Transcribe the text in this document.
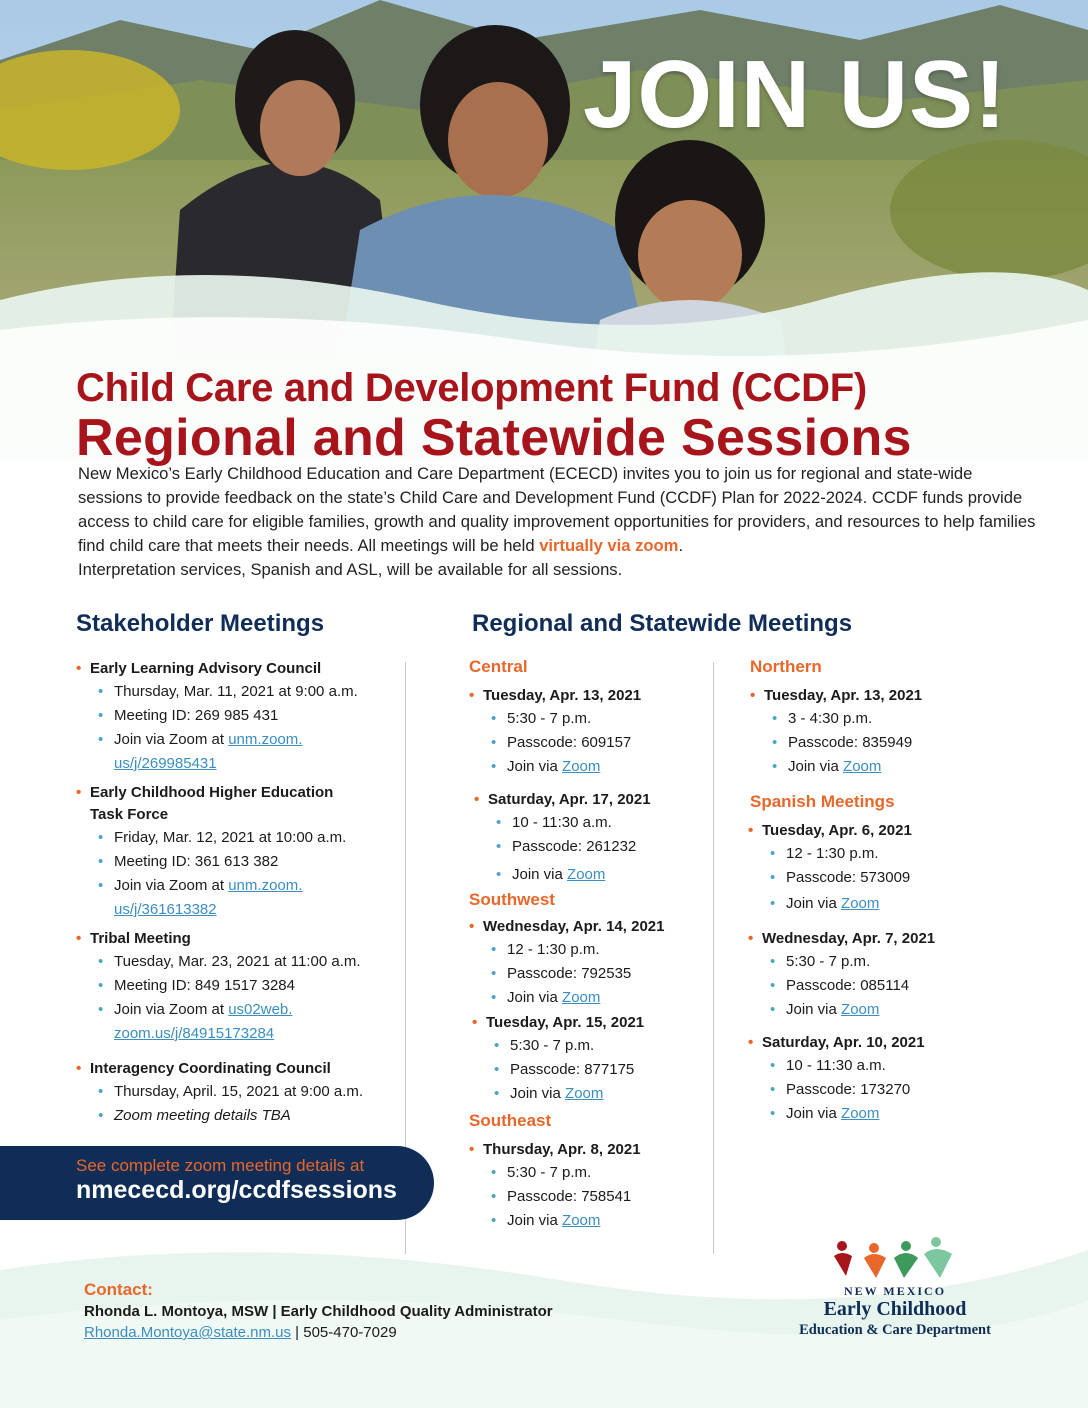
JOIN US!
Child Care and Development Fund (CCDF)
Regional and Statewide Sessions
New Mexico’s Early Childhood Education and Care Department (ECECD) invites you to join us for regional and state-wide sessions to provide feedback on the state’s Child Care and Development Fund (CCDF) Plan for 2022-2024. CCDF funds provide access to child care for eligible families, growth and quality improvement opportunities for providers, and resources to help families find child care that meets their needs. All meetings will be held virtually via zoom.
Interpretation services, Spanish and ASL, will be available for all sessions.
Stakeholder Meetings	Regional and Statewide Meetings
• Early Learning Advisory Council
• Thursday, Mar. 11, 2021 at 9:00 a.m.
• Meeting ID: 269 985 431
• Join via Zoom at unm.zoom.
us/j/269985431
• Early Childhood Higher Education
Task Force
• Friday, Mar. 12, 2021 at 10:00 a.m.
• Meeting ID: 361 613 382
• Join via Zoom at unm.zoom.
us/j/361613382
• Tribal Meeting
• Tuesday, Mar. 23, 2021 at 11:00 a.m.
• Meeting ID: 849 1517 3284
• Join via Zoom at us02web.
zoom.us/j/84915173284
• Interagency Coordinating Council
• Thursday, April. 15, 2021 at 9:00 a.m.
• Zoom meeting details TBA
Central
• Tuesday, Apr. 13, 2021
• 5:30 - 7 p.m.
• Passcode: 609157
• Join via Zoom
• Saturday, Apr. 17, 2021
• 10 - 11:30 a.m.
• Passcode: 261232
• Join via Zoom
Southwest
• Wednesday, Apr. 14, 2021
• 12 - 1:30 p.m.
• Passcode: 792535
• Join via Zoom
• Tuesday, Apr. 15, 2021
• 5:30 - 7 p.m.
• Passcode: 877175
• Join via Zoom
Southeast
• Thursday, Apr. 8, 2021
• 5:30 - 7 p.m.
• Passcode: 758541
• Join via Zoom
Northern
• Tuesday, Apr. 13, 2021
• 3 - 4:30 p.m.
• Passcode: 835949
• Join via Zoom
Spanish Meetings
• Tuesday, Apr. 6, 2021
• 12 - 1:30 p.m.
• Passcode: 573009
• Join via Zoom
• Wednesday, Apr. 7, 2021
• 5:30 - 7 p.m.
• Passcode: 085114
• Join via Zoom
• Saturday, Apr. 10, 2021
• 10 - 11:30 a.m.
• Passcode: 173270
• Join via Zoom
See complete zoom meeting details at
nmececd.org/ccdfsessions
Contact:
Rhonda L. Montoya, MSW | Early Childhood Quality Administrator
Rhonda.Montoya@state.nm.us | 505-470-7029
NEW MEXICO
Early Childhood
Education & Care Department
